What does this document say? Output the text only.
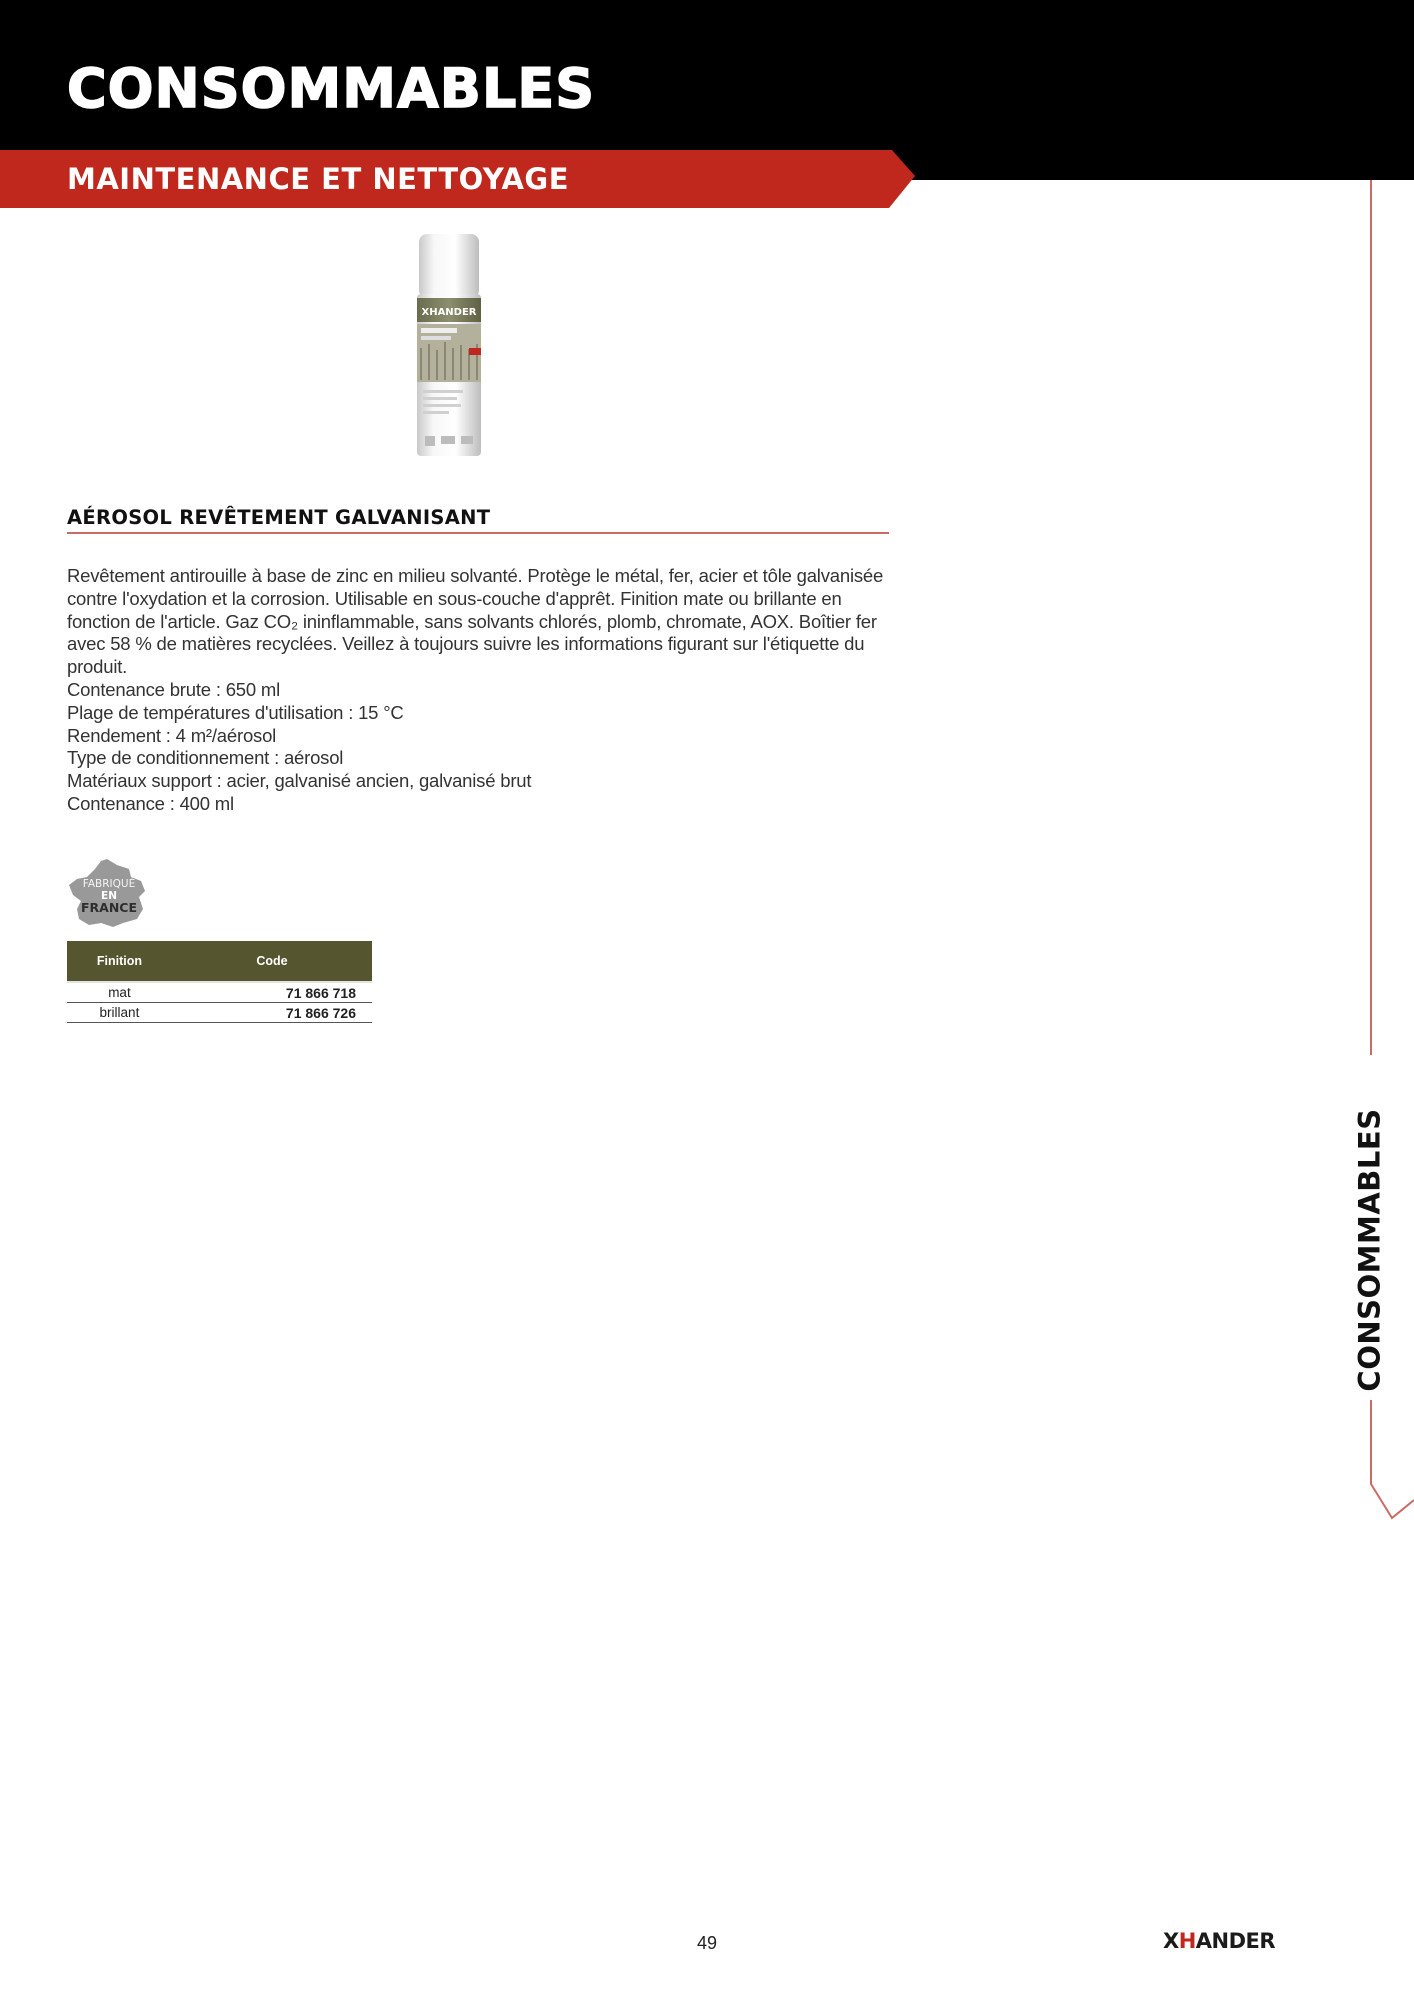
CONSOMMABLES
MAINTENANCE ET NETTOYAGE
CONSOMMABLES
XHANDER
AÉROSOL REVÊTEMENT GALVANISANT

Revêtement antirouille à base de zinc en milieu solvanté. Protège le métal, fer, acier et tôle galvanisée contre l'oxydation et la corrosion. Utilisable en sous-couche d'apprêt. Finition mate ou brillante en fonction de l'article. Gaz CO₂ ininflammable, sans solvants chlorés, plomb, chromate, AOX. Boîtier fer avec 58 % de matières recyclées. Veillez à toujours suivre les informations figurant sur l'étiquette du produit.

Contenance brute : 650 ml

Plage de températures d'utilisation : 15 °C

Rendement : 4 m²/aérosol

Type de conditionnement : aérosol

Matériaux support : acier, galvanisé ancien, galvanisé brut

Contenance : 400 ml

FABRIQUÉ
EN
FRANCE
Finition	Code
mat	71 866 718
brillant	71 866 726
49	XHANDER
